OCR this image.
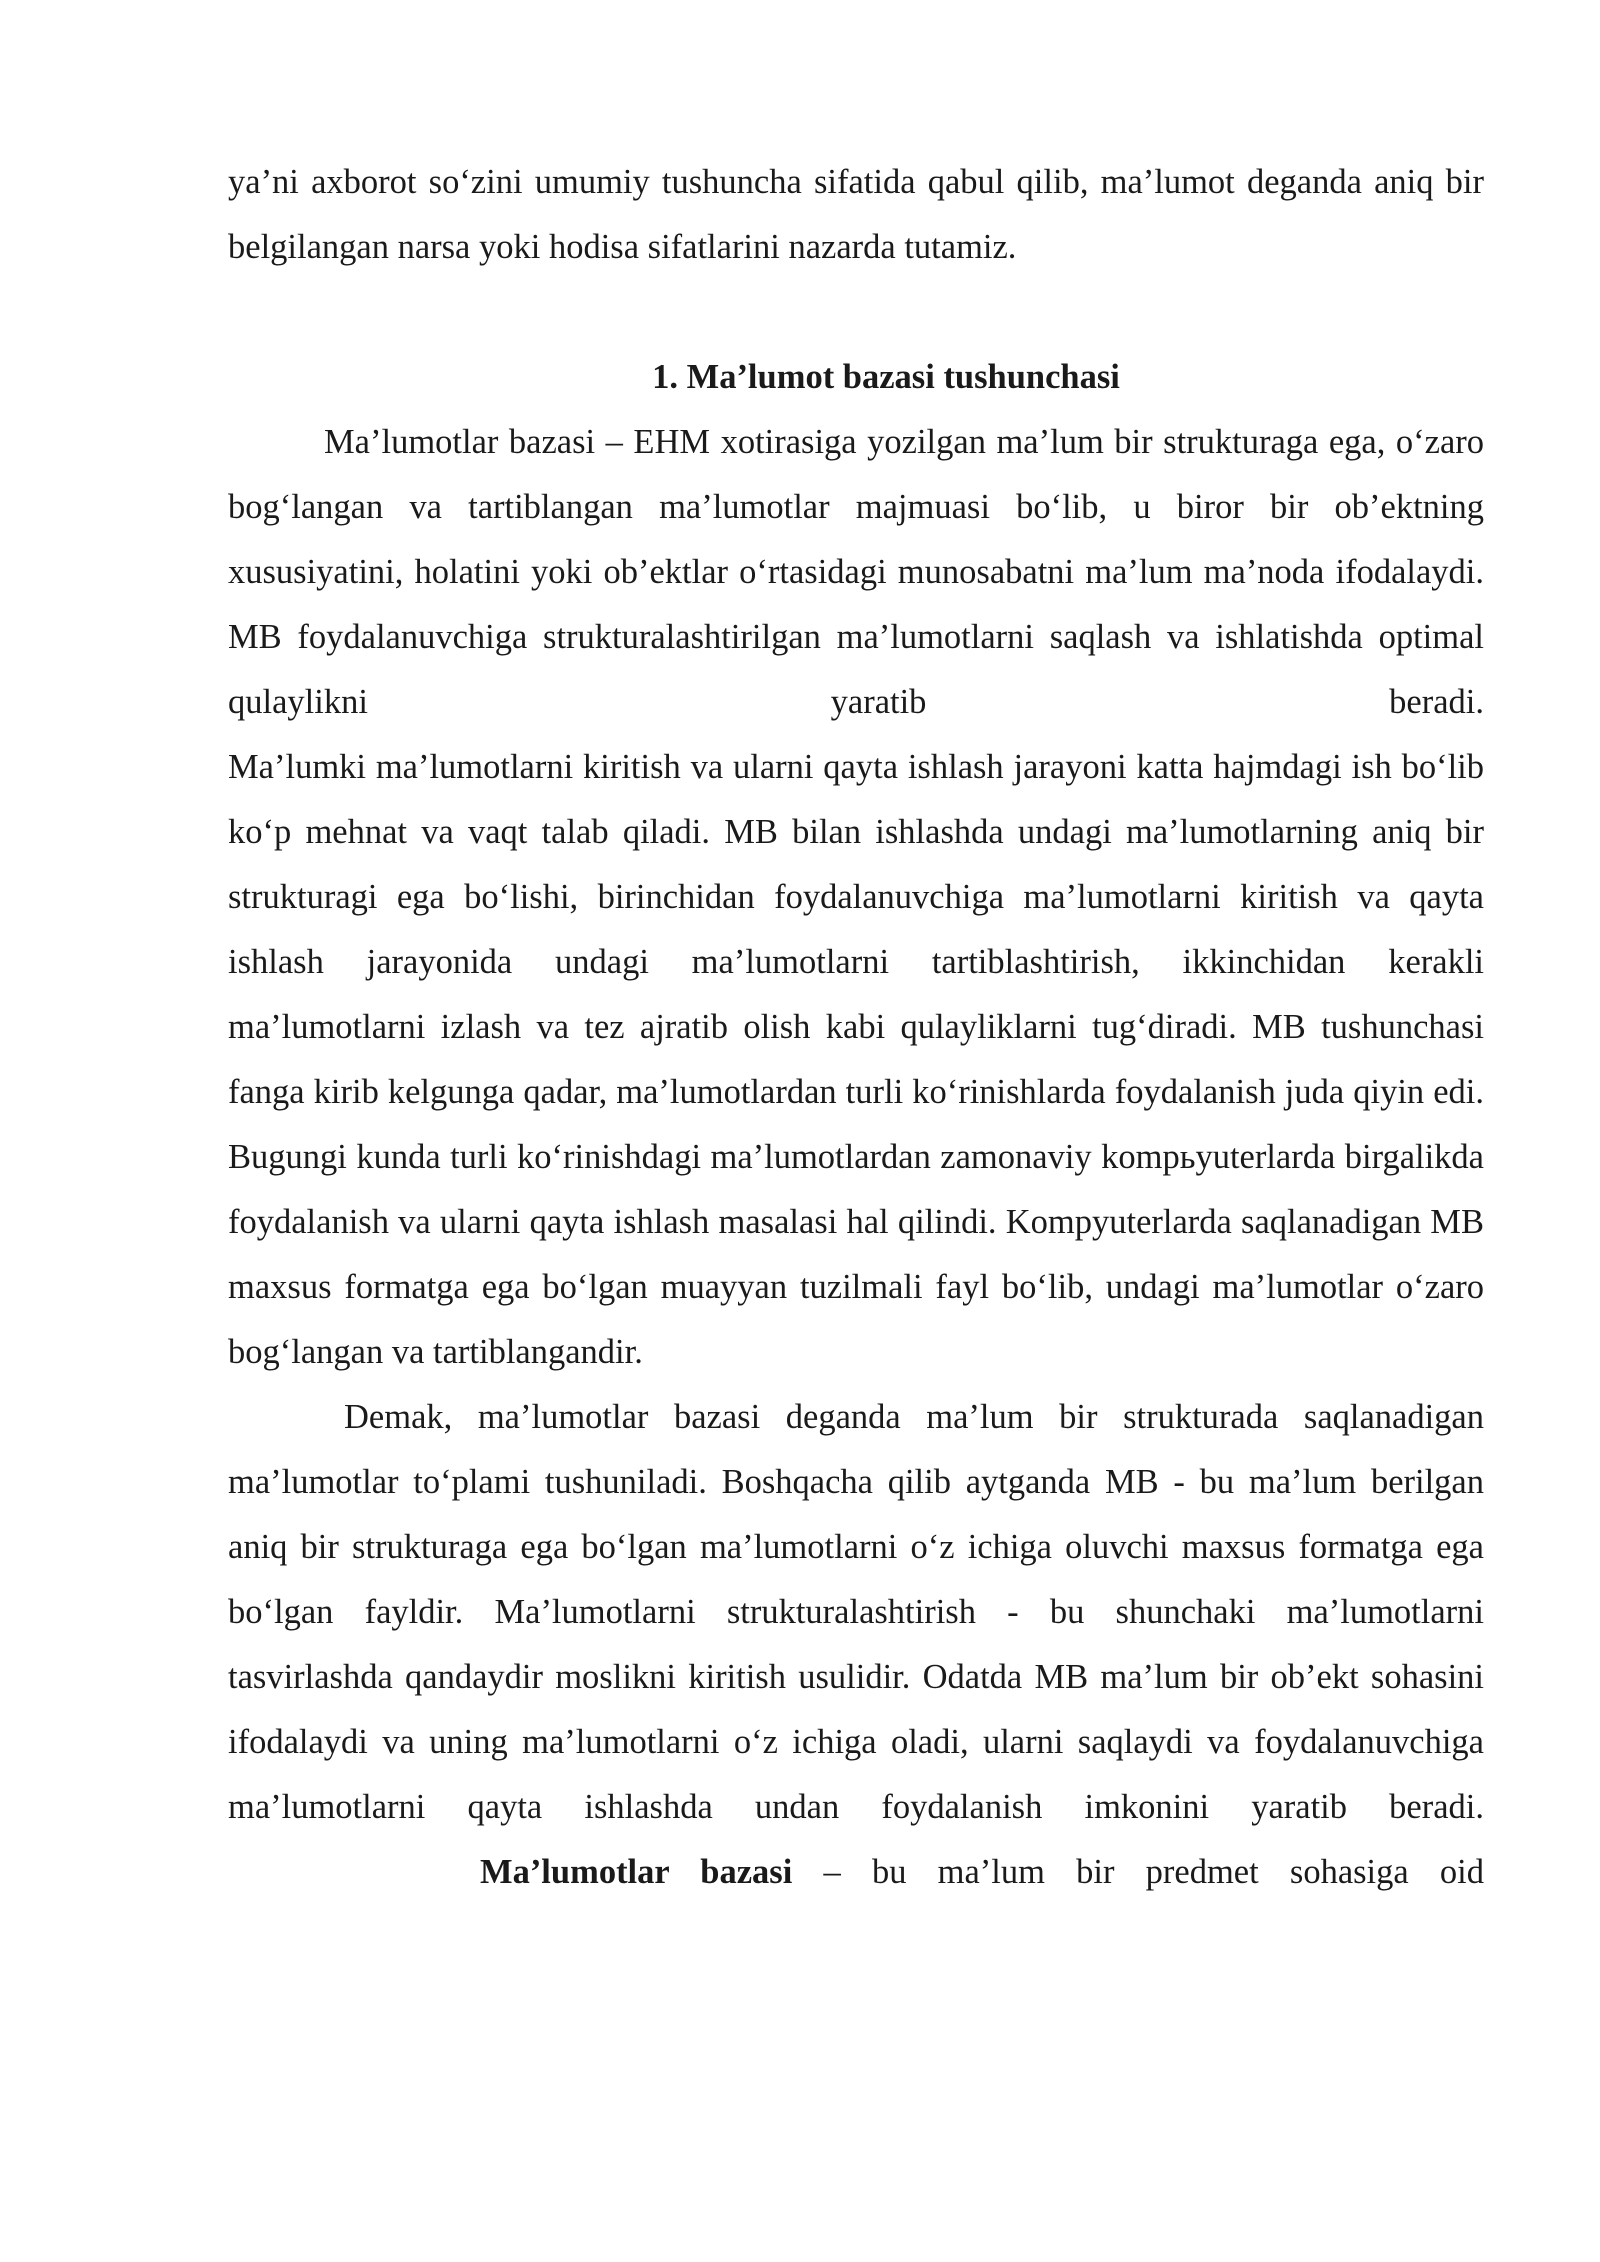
ya’ni axborot so‘zini umumiy tushuncha sifatida qabul qilib, ma’lumot deganda aniq bir belgilangan narsa yoki hodisa sifatlarini nazarda tutamiz.

1. Ma’lumot bazasi tushunchasi

Ma’lumotlar bazasi – EHM xotirasiga yozilgan ma’lum bir strukturaga ega, o‘zaro bog‘langan va tartiblangan ma’lumotlar majmuasi bo‘lib, u biror bir ob’ektning xususiyatini, holatini yoki ob’ektlar o‘rtasidagi munosabatni ma’lum ma’noda ifodalaydi. MB foydalanuvchiga strukturalashtirilgan ma’lumotlarni saqlash va ishlatishda optimal qulaylikni yaratib beradi.

Ma’lumki ma’lumotlarni kiritish va ularni qayta ishlash jarayoni katta hajmdagi ish bo‘lib ko‘p mehnat va vaqt talab qiladi. MB bilan ishlashda undagi ma’lumotlarning aniq bir strukturagi ega bo‘lishi, birinchidan foydalanuvchiga ma’lumotlarni kiritish va qayta ishlash jarayonida undagi ma’lumotlarni tartiblashtirish, ikkinchidan kerakli ma’lumotlarni izlash va tez ajratib olish kabi qulayliklarni tug‘diradi. MB tushunchasi fanga kirib kelgunga qadar, ma’lumotlardan turli ko‘rinishlarda foydalanish juda qiyin edi. Bugungi kunda turli ko‘rinishdagi ma’lumotlardan zamonaviy kompьyuterlarda birgalikda foydalanish va ularni qayta ishlash masalasi hal qilindi. Kompyuterlarda saqlanadigan MB maxsus formatga ega bo‘lgan muayyan tuzilmali fayl bo‘lib, undagi ma’lumotlar o‘zaro bog‘langan va tartiblangandir.

Demak, ma’lumotlar bazasi deganda ma’lum bir strukturada saqlanadigan ma’lumotlar to‘plami tushuniladi. Boshqacha qilib aytganda MB - bu ma’lum berilgan aniq bir strukturaga ega bo‘lgan ma’lumotlarni o‘z ichiga oluvchi maxsus formatga ega bo‘lgan fayldir. Ma’lumotlarni strukturalashtirish - bu shunchaki ma’lumotlarni tasvirlashda qandaydir moslikni kiritish usulidir. Odatda MB ma’lum bir ob’ekt sohasini ifodalaydi va uning ma’lumotlarni o‘z ichiga oladi, ularni saqlaydi va foydalanuvchiga ma’lumotlarni qayta ishlashda undan foydalanish imkonini yaratib beradi.

Ma’lumotlar bazasi – bu ma’lum bir predmet sohasiga oid
